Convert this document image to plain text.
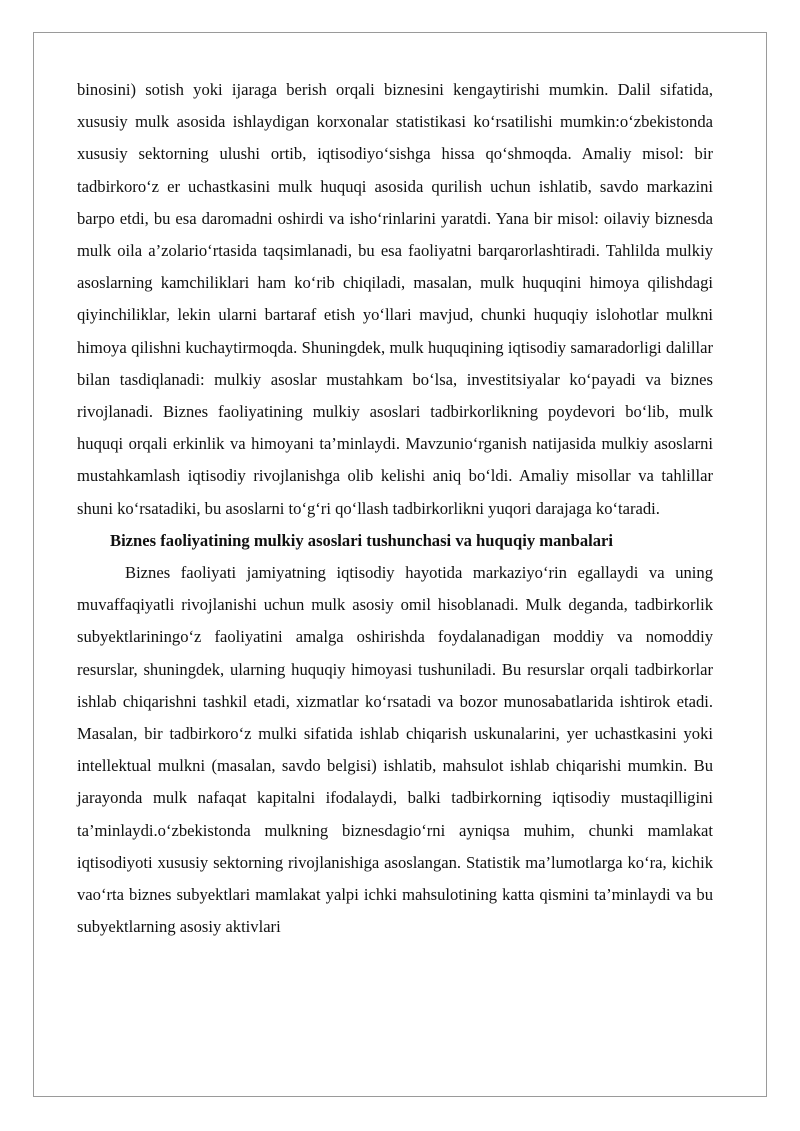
binosini) sotish yoki ijaraga berish orqali biznesini kengaytirishi mumkin. Dalil sifatida, xususiy mulk asosida ishlaydigan korxonalar statistikasi ko‘rsatilishi mumkin:o‘zbekistonda xususiy sektorning ulushi ortib, iqtisodiyo‘sishga hissa qo‘shmoqda. Amaliy misol: bir tadbirkoro‘z er uchastkasini mulk huquqi asosida qurilish uchun ishlatib, savdo markazini barpo etdi, bu esa daromadni oshirdi va isho‘rinlarini yaratdi. Yana bir misol: oilaviy biznesda mulk oila a’zolario‘rtasida taqsimlanadi, bu esa faoliyatni barqarorlashtiradi. Tahlilda mulkiy asoslarning kamchiliklari ham ko‘rib chiqiladi, masalan, mulk huquqini himoya qilishdagi qiyinchiliklar, lekin ularni bartaraf etish yo‘llari mavjud, chunki huquqiy islohotlar mulkni himoya qilishni kuchaytirmoqda. Shuningdek, mulk huquqining iqtisodiy samaradorligi dalillar bilan tasdiqlanadi: mulkiy asoslar mustahkam bo‘lsa, investitsiyalar ko‘payadi va biznes rivojlanadi. Biznes faoliyatining mulkiy asoslari tadbirkorlikning poydevori bo‘lib, mulk huquqi orqali erkinlik va himoyani ta’minlaydi. Mavzunio‘rganish natijasida mulkiy asoslarni mustahkamlash iqtisodiy rivojlanishga olib kelishi aniq bo‘ldi. Amaliy misollar va tahlillar shuni ko‘rsatadiki, bu asoslarni to‘g‘ri qo‘llash tadbirkorlikni yuqori darajaga ko‘taradi.

Biznes faoliyatining mulkiy asoslari tushunchasi va huquqiy manbalari

Biznes faoliyati jamiyatning iqtisodiy hayotida markaziyo‘rin egallaydi va uning muvaffaqiyatli rivojlanishi uchun mulk asosiy omil hisoblanadi. Mulk deganda, tadbirkorlik subyektlariningo‘z faoliyatini amalga oshirishda foydalanadigan moddiy va nomoddiy resurslar, shuningdek, ularning huquqiy himoyasi tushuniladi. Bu resurslar orqali tadbirkorlar ishlab chiqarishni tashkil etadi, xizmatlar ko‘rsatadi va bozor munosabatlarida ishtirok etadi. Masalan, bir tadbirkoro‘z mulki sifatida ishlab chiqarish uskunalarini, yer uchastkasini yoki intellektual mulkni (masalan, savdo belgisi) ishlatib, mahsulot ishlab chiqarishi mumkin. Bu jarayonda mulk nafaqat kapitalni ifodalaydi, balki tadbirkorning iqtisodiy mustaqilligini ta’minlaydi.o‘zbekistonda mulkning biznesdagio‘rni ayniqsa muhim, chunki mamlakat iqtisodiyoti xususiy sektorning rivojlanishiga asoslangan. Statistik ma’lumotlarga ko‘ra, kichik vao‘rta biznes subyektlari mamlakat yalpi ichki mahsulotining katta qismini ta’minlaydi va bu subyektlarning asosiy aktivlari
